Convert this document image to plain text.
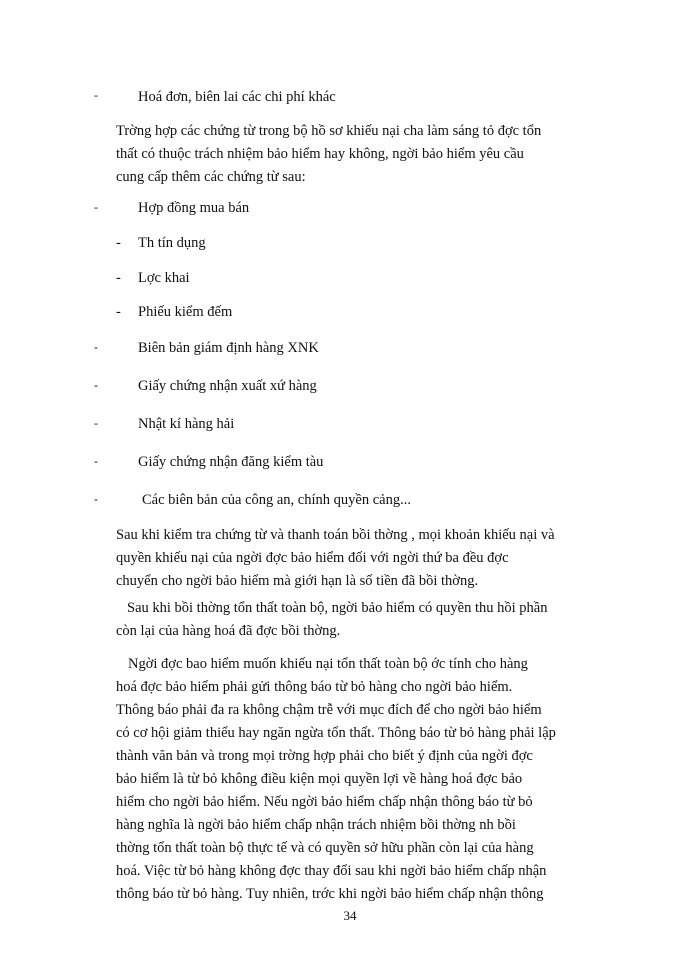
-	Hoá đơn, biên lai các chi phí khác
Trờng hợp các chứng từ trong bộ hồ sơ khiếu nại cha làm sáng tỏ đợc tổn
thất có thuộc trách nhiệm bảo hiểm hay không, ngời bảo hiểm yêu cầu
cung cấp thêm các chứng từ sau:
-	Hợp đồng mua bán
- Th tín dụng
- Lợc khai
- Phiếu kiểm đếm
-	Biên bản giám định hàng XNK
-	Giấy chứng nhận xuất xứ hàng
-	Nhật kí hàng hải
-	Giấy chứng nhận đăng kiểm tàu
-	Các biên bản của công an, chính quyền cảng...
Sau khi kiểm tra chứng từ và thanh toán bồi thờng , mọi khoản khiếu nại và
quyền khiếu nại của ngời đợc bảo hiểm đối với ngời thứ ba đều đợc
chuyển cho ngời bảo hiểm mà giới hạn là số tiền đã bồi thờng.
Sau khi bồi thờng tổn thất toàn bộ, ngời bảo hiểm có quyền thu hồi phần
còn lại của hàng hoá đã đợc bồi thờng.
Ngời đợc bao hiểm muốn khiếu nại tổn thất toàn bộ ớc tính cho hàng
hoá đợc bảo hiểm phải gửi thông báo từ bỏ hàng cho ngời bảo hiểm.
Thông báo phải đa ra không chậm trễ với mục đích để cho ngời bảo hiểm
có cơ hội giảm thiểu hay ngăn ngừa tổn thất. Thông báo từ bỏ hàng phải lập
thành văn bản và trong mọi trờng hợp phải cho biết ý định của ngời đợc
bảo hiểm là từ bỏ không điều kiện mọi quyền lợi về hàng hoá đợc bảo
hiểm cho ngời bảo hiểm. Nếu ngời bảo hiểm chấp nhận thông báo từ bỏ
hàng nghĩa là ngời bảo hiểm chấp nhận trách nhiệm bồi thờng nh bồi
thờng tổn thất toàn bộ thực tế và có quyền sở hữu phần còn lại của hàng
hoá. Việc từ bỏ hàng không đợc thay đổi sau khi ngời bảo hiểm chấp nhận
thông báo từ bỏ hàng. Tuy nhiên, trớc khi ngời bảo hiểm chấp nhận thông
34
